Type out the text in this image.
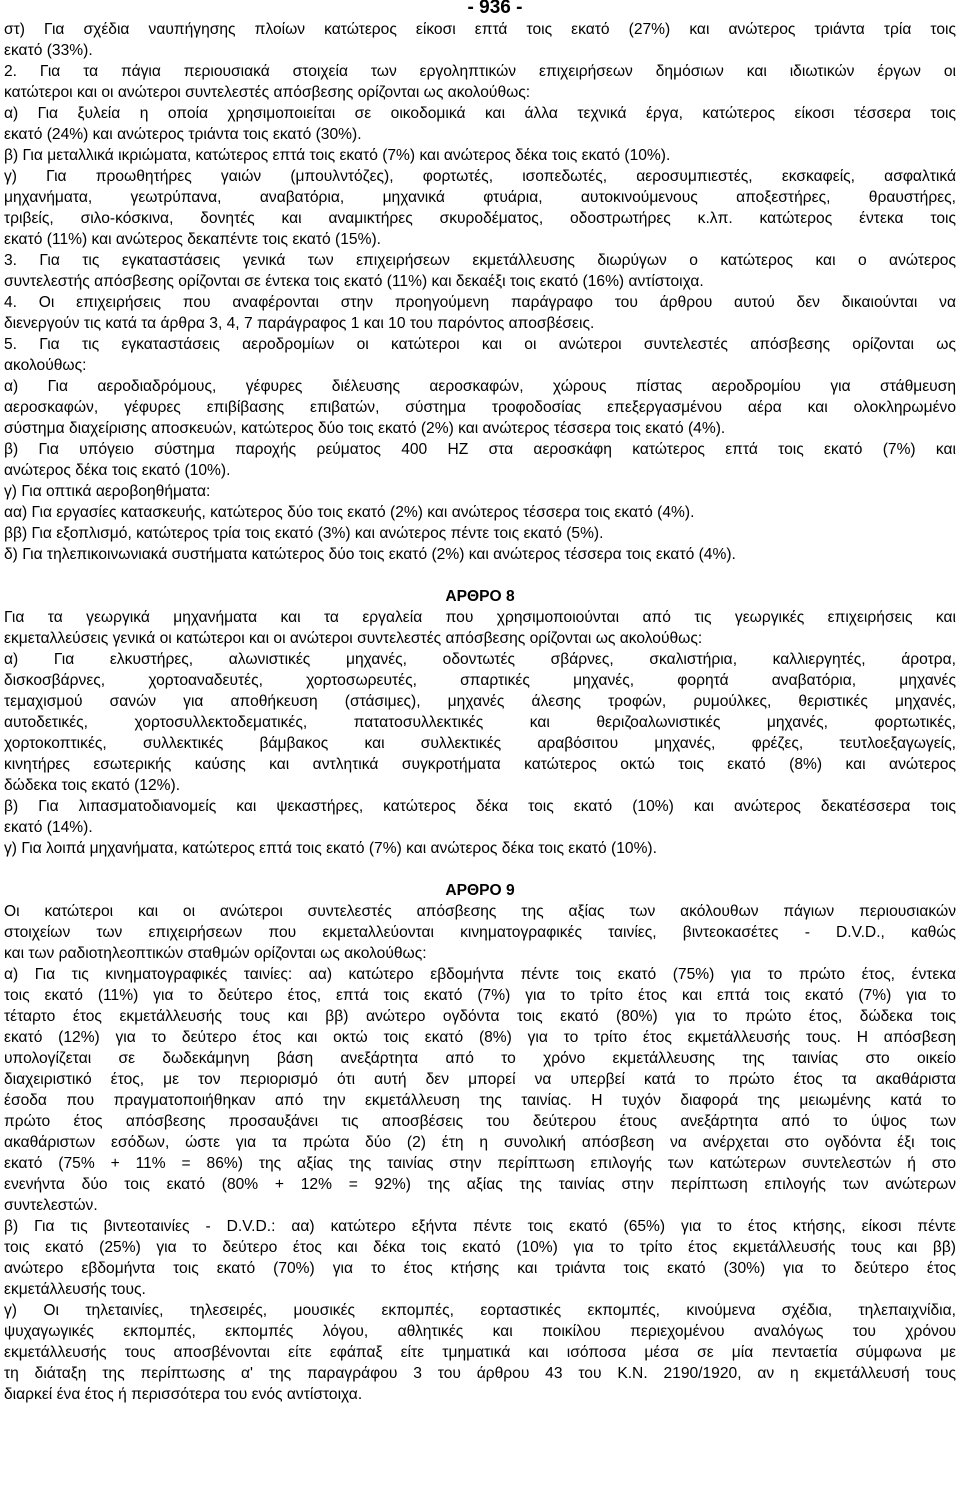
- 936 -
στ) Για σχέδια ναυπήγησης πλοίων κατώτερος είκοσι επτά τοις εκατό (27%) και ανώτερος τριάντα τρία τοις
εκατό (33%).
2. Για τα πάγια περιουσιακά στοιχεία των εργοληπτικών επιχειρήσεων δημόσιων και ιδιωτικών έργων οι
κατώτεροι και οι ανώτεροι συντελεστές απόσβεσης ορίζονται ως ακολούθως:
α) Για ξυλεία η οποία χρησιμοποιείται σε οικοδομικά και άλλα τεχνικά έργα, κατώτερος είκοσι τέσσερα τοις
εκατό (24%) και ανώτερος τριάντα τοις εκατό (30%).
β) Για μεταλλικά ικριώματα, κατώτερος επτά τοις εκατό (7%) και ανώτερος δέκα τοις εκατό (10%).
γ) Για προωθητήρες γαιών (μπουλντόζες), φορτωτές, ισοπεδωτές, αεροσυμπιεστές, εκσκαφείς, ασφαλτικά
μηχανήματα, γεωτρύπανα, αναβατόρια, μηχανικά φτυάρια, αυτοκινούμενους αποξεστήρες, θραυστήρες,
τριβείς, σιλο-κόσκινα, δονητές και αναμικτήρες σκυροδέματος, οδοστρωτήρες κ.λπ. κατώτερος έντεκα τοις
εκατό (11%) και ανώτερος δεκαπέντε τοις εκατό (15%).
3. Για τις εγκαταστάσεις γενικά των επιχειρήσεων εκμετάλλευσης διωρύγων ο κατώτερος και ο ανώτερος
συντελεστής απόσβεσης ορίζονται σε έντεκα τοις εκατό (11%) και δεκαέξι τοις εκατό (16%) αντίστοιχα.
4. Οι επιχειρήσεις που αναφέρονται στην προηγούμενη παράγραφο του άρθρου αυτού δεν δικαιούνται να
διενεργούν τις κατά τα άρθρα 3, 4, 7 παράγραφος 1 και 10 του παρόντος αποσβέσεις.
5. Για τις εγκαταστάσεις αεροδρομίων οι κατώτεροι και οι ανώτεροι συντελεστές απόσβεσης ορίζονται ως
ακολούθως:
α) Για αεροδιαδρόμους, γέφυρες διέλευσης αεροσκαφών, χώρους πίστας αεροδρομίου για στάθμευση
αεροσκαφών, γέφυρες επιβίβασης επιβατών, σύστημα τροφοδοσίας επεξεργασμένου αέρα και ολοκληρωμένο
σύστημα διαχείρισης αποσκευών, κατώτερος δύο τοις εκατό (2%) και ανώτερος τέσσερα τοις εκατό (4%).
β) Για υπόγειο σύστημα παροχής ρεύματος 400 HZ στα αεροσκάφη κατώτερος επτά τοις εκατό (7%) και
ανώτερος δέκα τοις εκατό (10%).
γ) Για οπτικά αεροβοηθήματα:
αα) Για εργασίες κατασκευής, κατώτερος δύο τοις εκατό (2%) και ανώτερος τέσσερα τοις εκατό (4%).
ββ) Για εξοπλισμό, κατώτερος τρία τοις εκατό (3%) και ανώτερος πέντε τοις εκατό (5%).
δ) Για τηλεπικοινωνιακά συστήματα κατώτερος δύο τοις εκατό (2%) και ανώτερος τέσσερα τοις εκατό (4%).
ΑΡΘΡΟ 8
Για τα γεωργικά μηχανήματα και τα εργαλεία που χρησιμοποιούνται από τις γεωργικές επιχειρήσεις και
εκμεταλλεύσεις γενικά οι κατώτεροι και οι ανώτεροι συντελεστές απόσβεσης ορίζονται ως ακολούθως:
α) Για ελκυστήρες, αλωνιστικές μηχανές, οδοντωτές σβάρνες, σκαλιστήρια, καλλιεργητές, άροτρα,
δισκοσβάρνες, χορτοαναδευτές, χορτοσωρευτές, σπαρτικές μηχανές, φορητά αναβατόρια, μηχανές
τεμαχισμού σανών για αποθήκευση (στάσιμες), μηχανές άλεσης τροφών, ρυμούλκες, θεριστικές μηχανές,
αυτοδετικές, χορτοσυλλεκτοδεματικές, πατατοσυλλεκτικές και θεριζοαλωνιστικές μηχανές, φορτωτικές,
χορτοκοπτικές, συλλεκτικές βάμβακος και συλλεκτικές αραβόσιτου μηχανές, φρέζες, τευτλοεξαγωγείς,
κινητήρες εσωτερικής καύσης και αντλητικά συγκροτήματα κατώτερος οκτώ τοις εκατό (8%) και ανώτερος
δώδεκα τοις εκατό (12%).
β) Για λιπασματοδιανομείς και ψεκαστήρες, κατώτερος δέκα τοις εκατό (10%) και ανώτερος δεκατέσσερα τοις
εκατό (14%).
γ) Για λοιπά μηχανήματα, κατώτερος επτά τοις εκατό (7%) και ανώτερος δέκα τοις εκατό (10%).
ΑΡΘΡΟ 9
Οι κατώτεροι και οι ανώτεροι συντελεστές απόσβεσης της αξίας των ακόλουθων πάγιων περιουσιακών
στοιχείων των επιχειρήσεων που εκμεταλλεύονται κινηματογραφικές ταινίες, βιντεοκασέτες - D.V.D., καθώς
και των ραδιοτηλεοπτικών σταθμών ορίζονται ως ακολούθως:
α) Για τις κινηματογραφικές ταινίες: αα) κατώτερο εβδομήντα πέντε τοις εκατό (75%) για το πρώτο έτος, έντεκα
τοις εκατό (11%) για το δεύτερο έτος, επτά τοις εκατό (7%) για το τρίτο έτος και επτά τοις εκατό (7%) για το
τέταρτο έτος εκμετάλλευσής τους και ββ) ανώτερο ογδόντα τοις εκατό (80%) για το πρώτο έτος, δώδεκα τοις
εκατό (12%) για το δεύτερο έτος και οκτώ τοις εκατό (8%) για το τρίτο έτος εκμετάλλευσής τους. Η απόσβεση
υπολογίζεται σε δωδεκάμηνη βάση ανεξάρτητα από το χρόνο εκμετάλλευσης της ταινίας στο οικείο
διαχειριστικό έτος, με τον περιορισμό ότι αυτή δεν μπορεί να υπερβεί κατά το πρώτο έτος τα ακαθάριστα
έσοδα που πραγματοποιήθηκαν από την εκμετάλλευση της ταινίας. Η τυχόν διαφορά της μειωμένης κατά το
πρώτο έτος απόσβεσης προσαυξάνει τις αποσβέσεις του δεύτερου έτους ανεξάρτητα από το ύψος των
ακαθάριστων εσόδων, ώστε για τα πρώτα δύο (2) έτη η συνολική απόσβεση να ανέρχεται στο ογδόντα έξι τοις
εκατό (75% + 11% = 86%) της αξίας της ταινίας στην περίπτωση επιλογής των κατώτερων συντελεστών ή στο
ενενήντα δύο τοις εκατό (80% + 12% = 92%) της αξίας της ταινίας στην περίπτωση επιλογής των ανώτερων
συντελεστών.
β) Για τις βιντεοταινίες - D.V.D.: αα) κατώτερο εξήντα πέντε τοις εκατό (65%) για το έτος κτήσης, είκοσι πέντε
τοις εκατό (25%) για το δεύτερο έτος και δέκα τοις εκατό (10%) για το τρίτο έτος εκμετάλλευσής τους και ββ)
ανώτερο εβδομήντα τοις εκατό (70%) για το έτος κτήσης και τριάντα τοις εκατό (30%) για το δεύτερο έτος
εκμετάλλευσής τους.
γ) Οι τηλεταινίες, τηλεσειρές, μουσικές εκπομπές, εορταστικές εκπομπές, κινούμενα σχέδια, τηλεπαιχνίδια,
ψυχαγωγικές εκπομπές, εκπομπές λόγου, αθλητικές και ποικίλου περιεχομένου αναλόγως του χρόνου
εκμετάλλευσής τους αποσβένονται είτε εφάπαξ είτε τμηματικά και ισόποσα μέσα σε μία πενταετία σύμφωνα με
τη διάταξη της περίπτωσης α' της παραγράφου 3 του άρθρου 43 του Κ.Ν. 2190/1920, αν η εκμετάλλευσή τους
διαρκεί ένα έτος ή περισσότερα του ενός αντίστοιχα.
